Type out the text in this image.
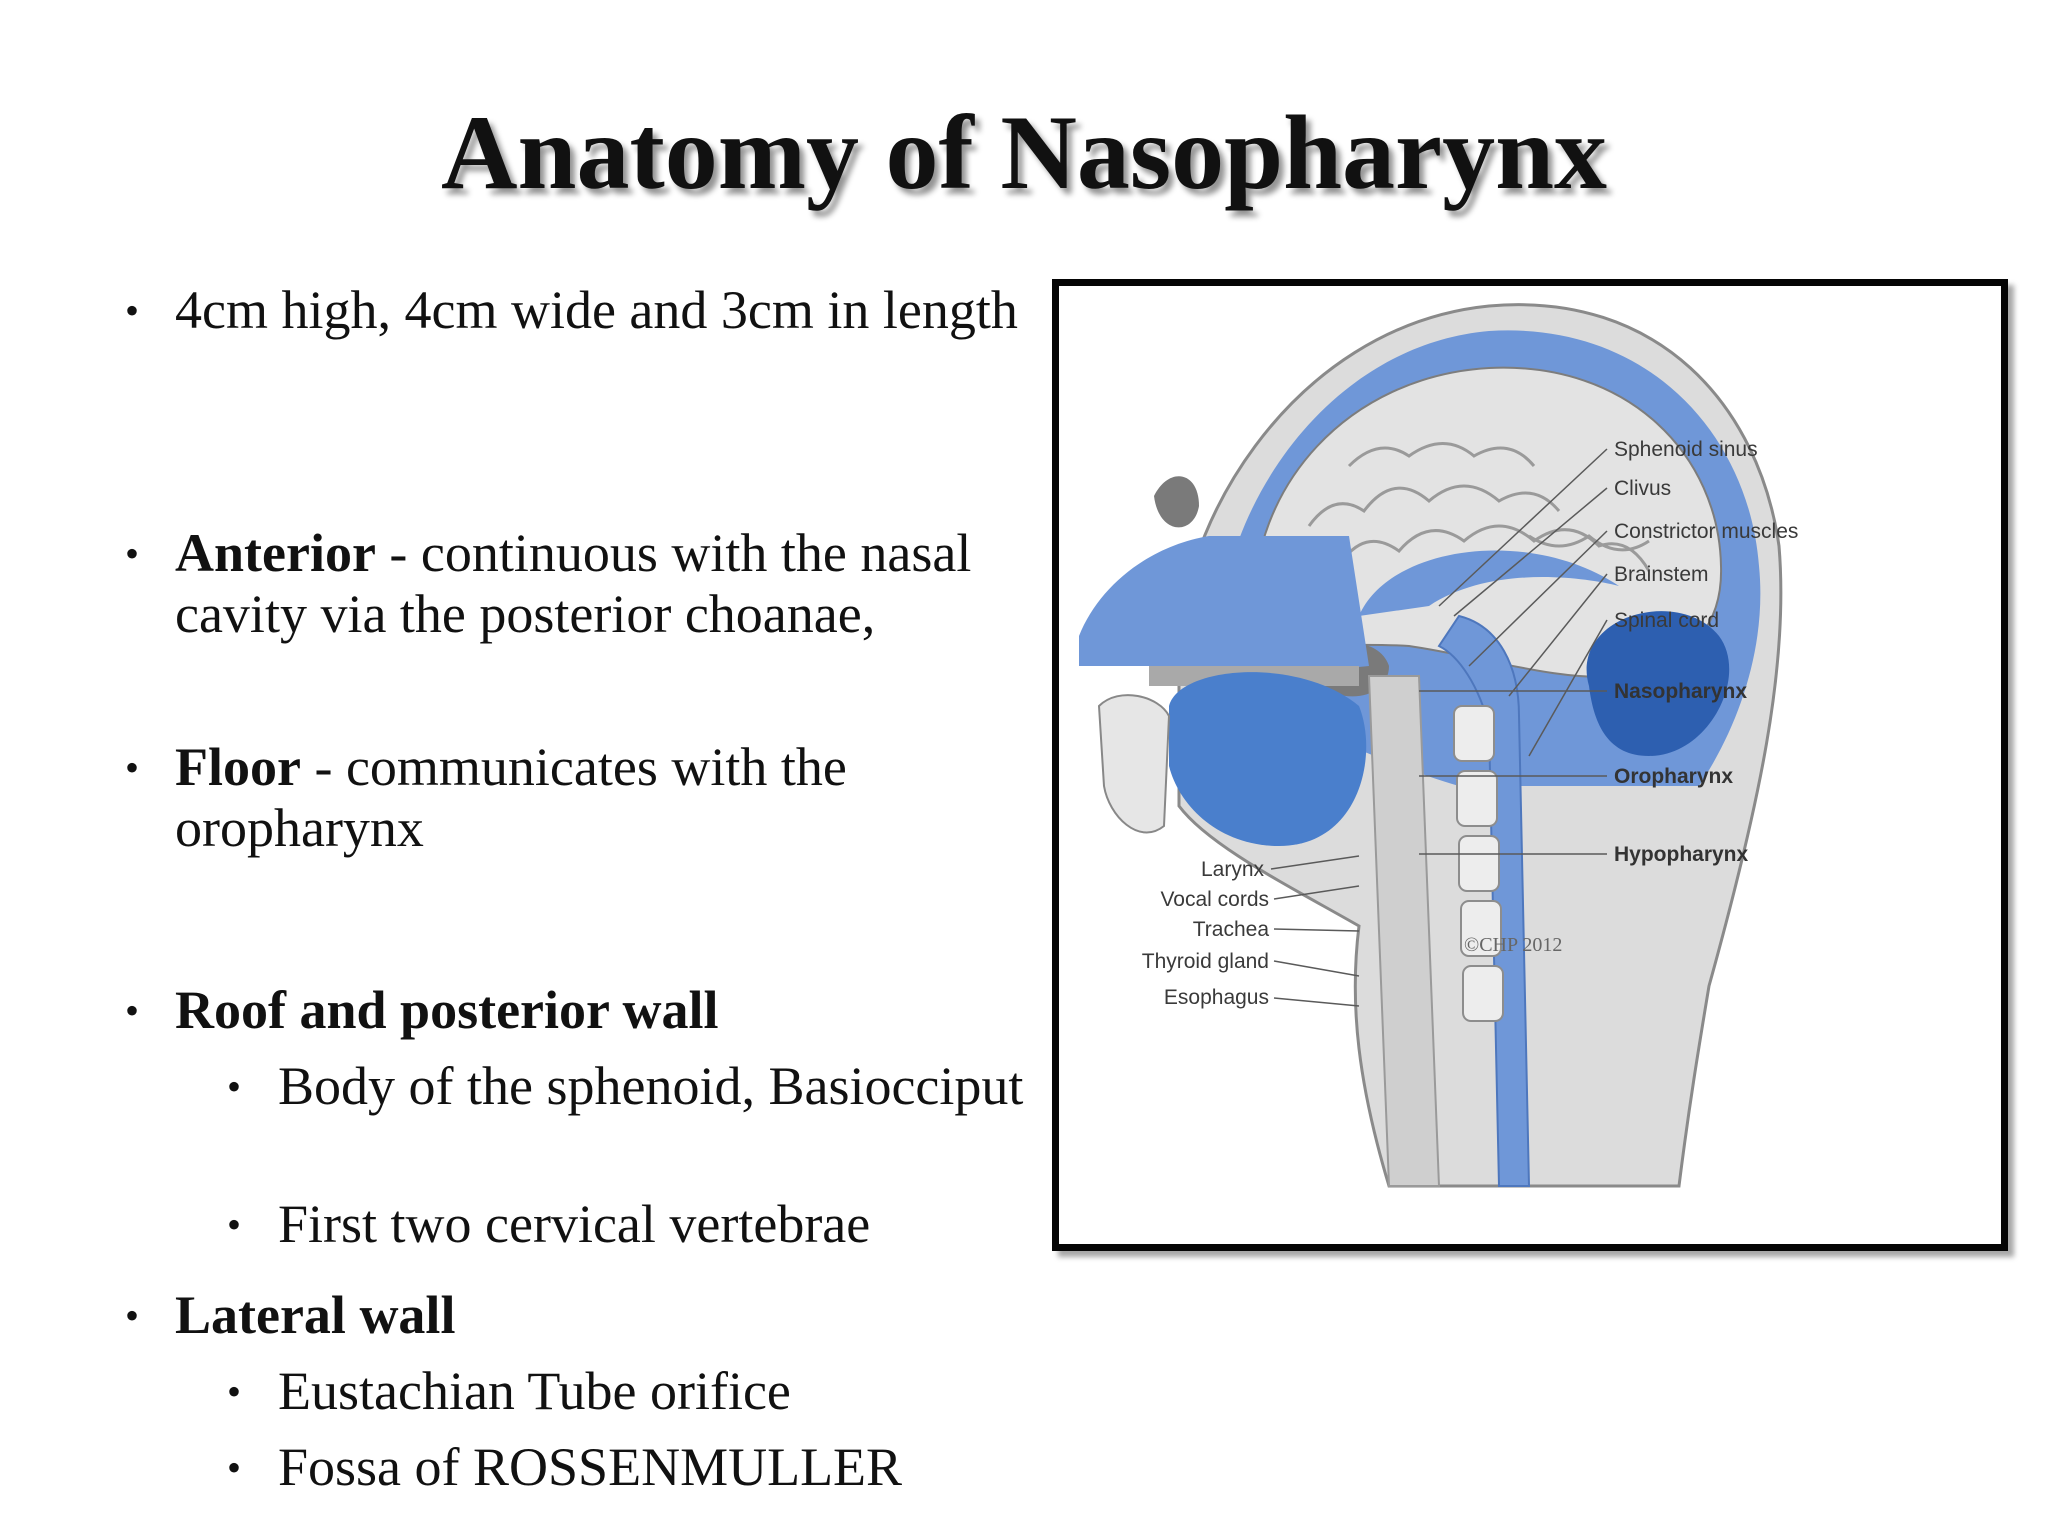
Anatomy of Nasopharynx
• 4cm high, 4cm wide and 3cm in length
• Anterior - continuous with the nasal cavity via the posterior choanae,
• Floor - communicates with the oropharynx
• Roof and posterior wall
• Body of the sphenoid, Basiocciput
• First two cervical vertebrae
• Lateral wall
• Eustachian Tube orifice
• Fossa of ROSSENMULLER
Sphenoid sinus
Clivus
Constrictor muscles
Brainstem
Spinal cord
Nasopharynx
Oropharynx
Hypopharynx
Larynx
Vocal cords
Trachea
Thyroid gland
Esophagus
©CHP 2012
